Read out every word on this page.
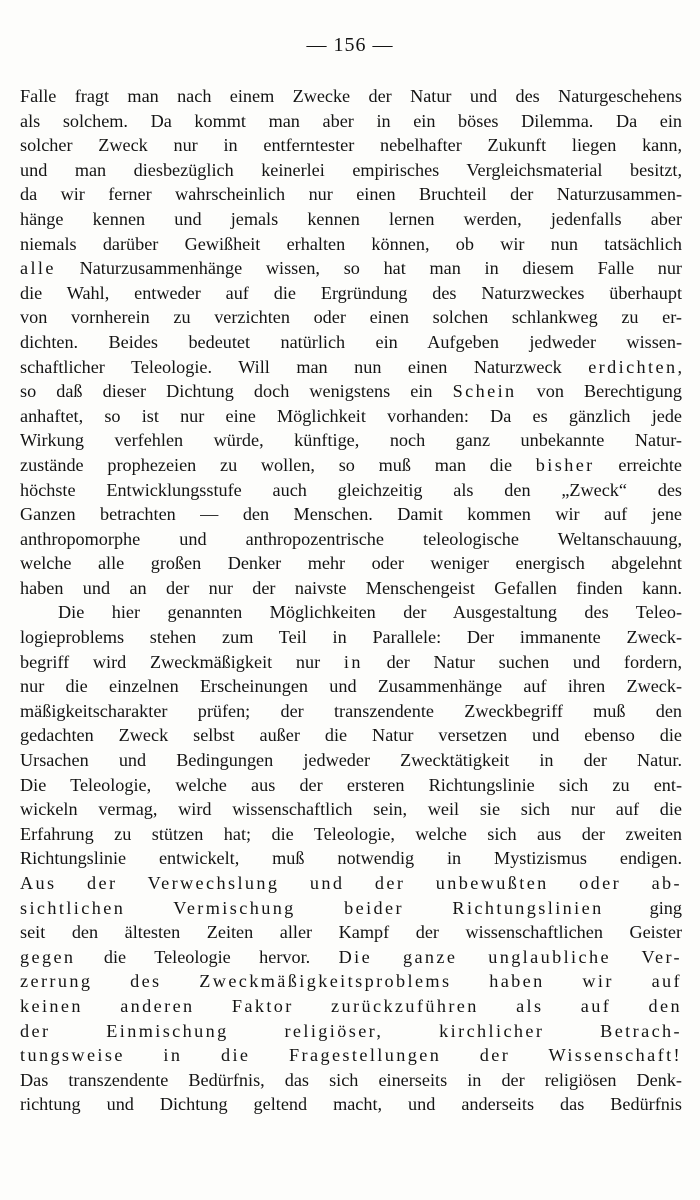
— 156 —
Falle fragt man nach einem Zwecke der Natur und des Naturgeschehens
als solchem. Da kommt man aber in ein böses Dilemma. Da ein
solcher Zweck nur in entferntester nebelhafter Zukunft liegen kann,
und man diesbezüglich keinerlei empirisches Vergleichsmaterial besitzt,
da wir ferner wahrscheinlich nur einen Bruchteil der Naturzusammen-
hänge kennen und jemals kennen lernen werden, jedenfalls aber
niemals darüber Gewißheit erhalten können, ob wir nun tatsächlich
alle Naturzusammenhänge wissen, so hat man in diesem Falle nur
die Wahl, entweder auf die Ergründung des Naturzweckes überhaupt
von vornherein zu verzichten oder einen solchen schlankweg zu er-
dichten. Beides bedeutet natürlich ein Aufgeben jedweder wissen-
schaftlicher Teleologie. Will man nun einen Naturzweck erdichten,
so daß dieser Dichtung doch wenigstens ein Schein von Berechtigung
anhaftet, so ist nur eine Möglichkeit vorhanden: Da es gänzlich jede
Wirkung verfehlen würde, künftige, noch ganz unbekannte Natur-
zustände prophezeien zu wollen, so muß man die bisher erreichte
höchste Entwicklungsstufe auch gleichzeitig als den „Zweck“ des
Ganzen betrachten — den Menschen. Damit kommen wir auf jene
anthropomorphe und anthropozentrische teleologische Weltanschauung,
welche alle großen Denker mehr oder weniger energisch abgelehnt
haben und an der nur der naivste Menschengeist Gefallen finden kann.
Die hier genannten Möglichkeiten der Ausgestaltung des Teleo-
logieproblems stehen zum Teil in Parallele: Der immanente Zweck-
begriff wird Zweckmäßigkeit nur in der Natur suchen und fordern,
nur die einzelnen Erscheinungen und Zusammenhänge auf ihren Zweck-
mäßigkeitscharakter prüfen; der transzendente Zweckbegriff muß den
gedachten Zweck selbst außer die Natur versetzen und ebenso die
Ursachen und Bedingungen jedweder Zwecktätigkeit in der Natur.
Die Teleologie, welche aus der ersteren Richtungslinie sich zu ent-
wickeln vermag, wird wissenschaftlich sein, weil sie sich nur auf die
Erfahrung zu stützen hat; die Teleologie, welche sich aus der zweiten
Richtungslinie entwickelt, muß notwendig in Mystizismus endigen.
Aus der Verwechslung und der unbewußten oder ab-
sichtlichen Vermischung beider Richtungslinien ging
seit den ältesten Zeiten aller Kampf der wissenschaftlichen Geister
gegen die Teleologie hervor. Die ganze unglaubliche Ver-
zerrung des Zweckmäßigkeitsproblems haben wir auf
keinen anderen Faktor zurückzuführen als auf den
der Einmischung religiöser, kirchlicher Betrach-
tungsweise in die Fragestellungen der Wissenschaft!
Das transzendente Bedürfnis, das sich einerseits in der religiösen Denk-
richtung und Dichtung geltend macht, und anderseits das Bedürfnis
